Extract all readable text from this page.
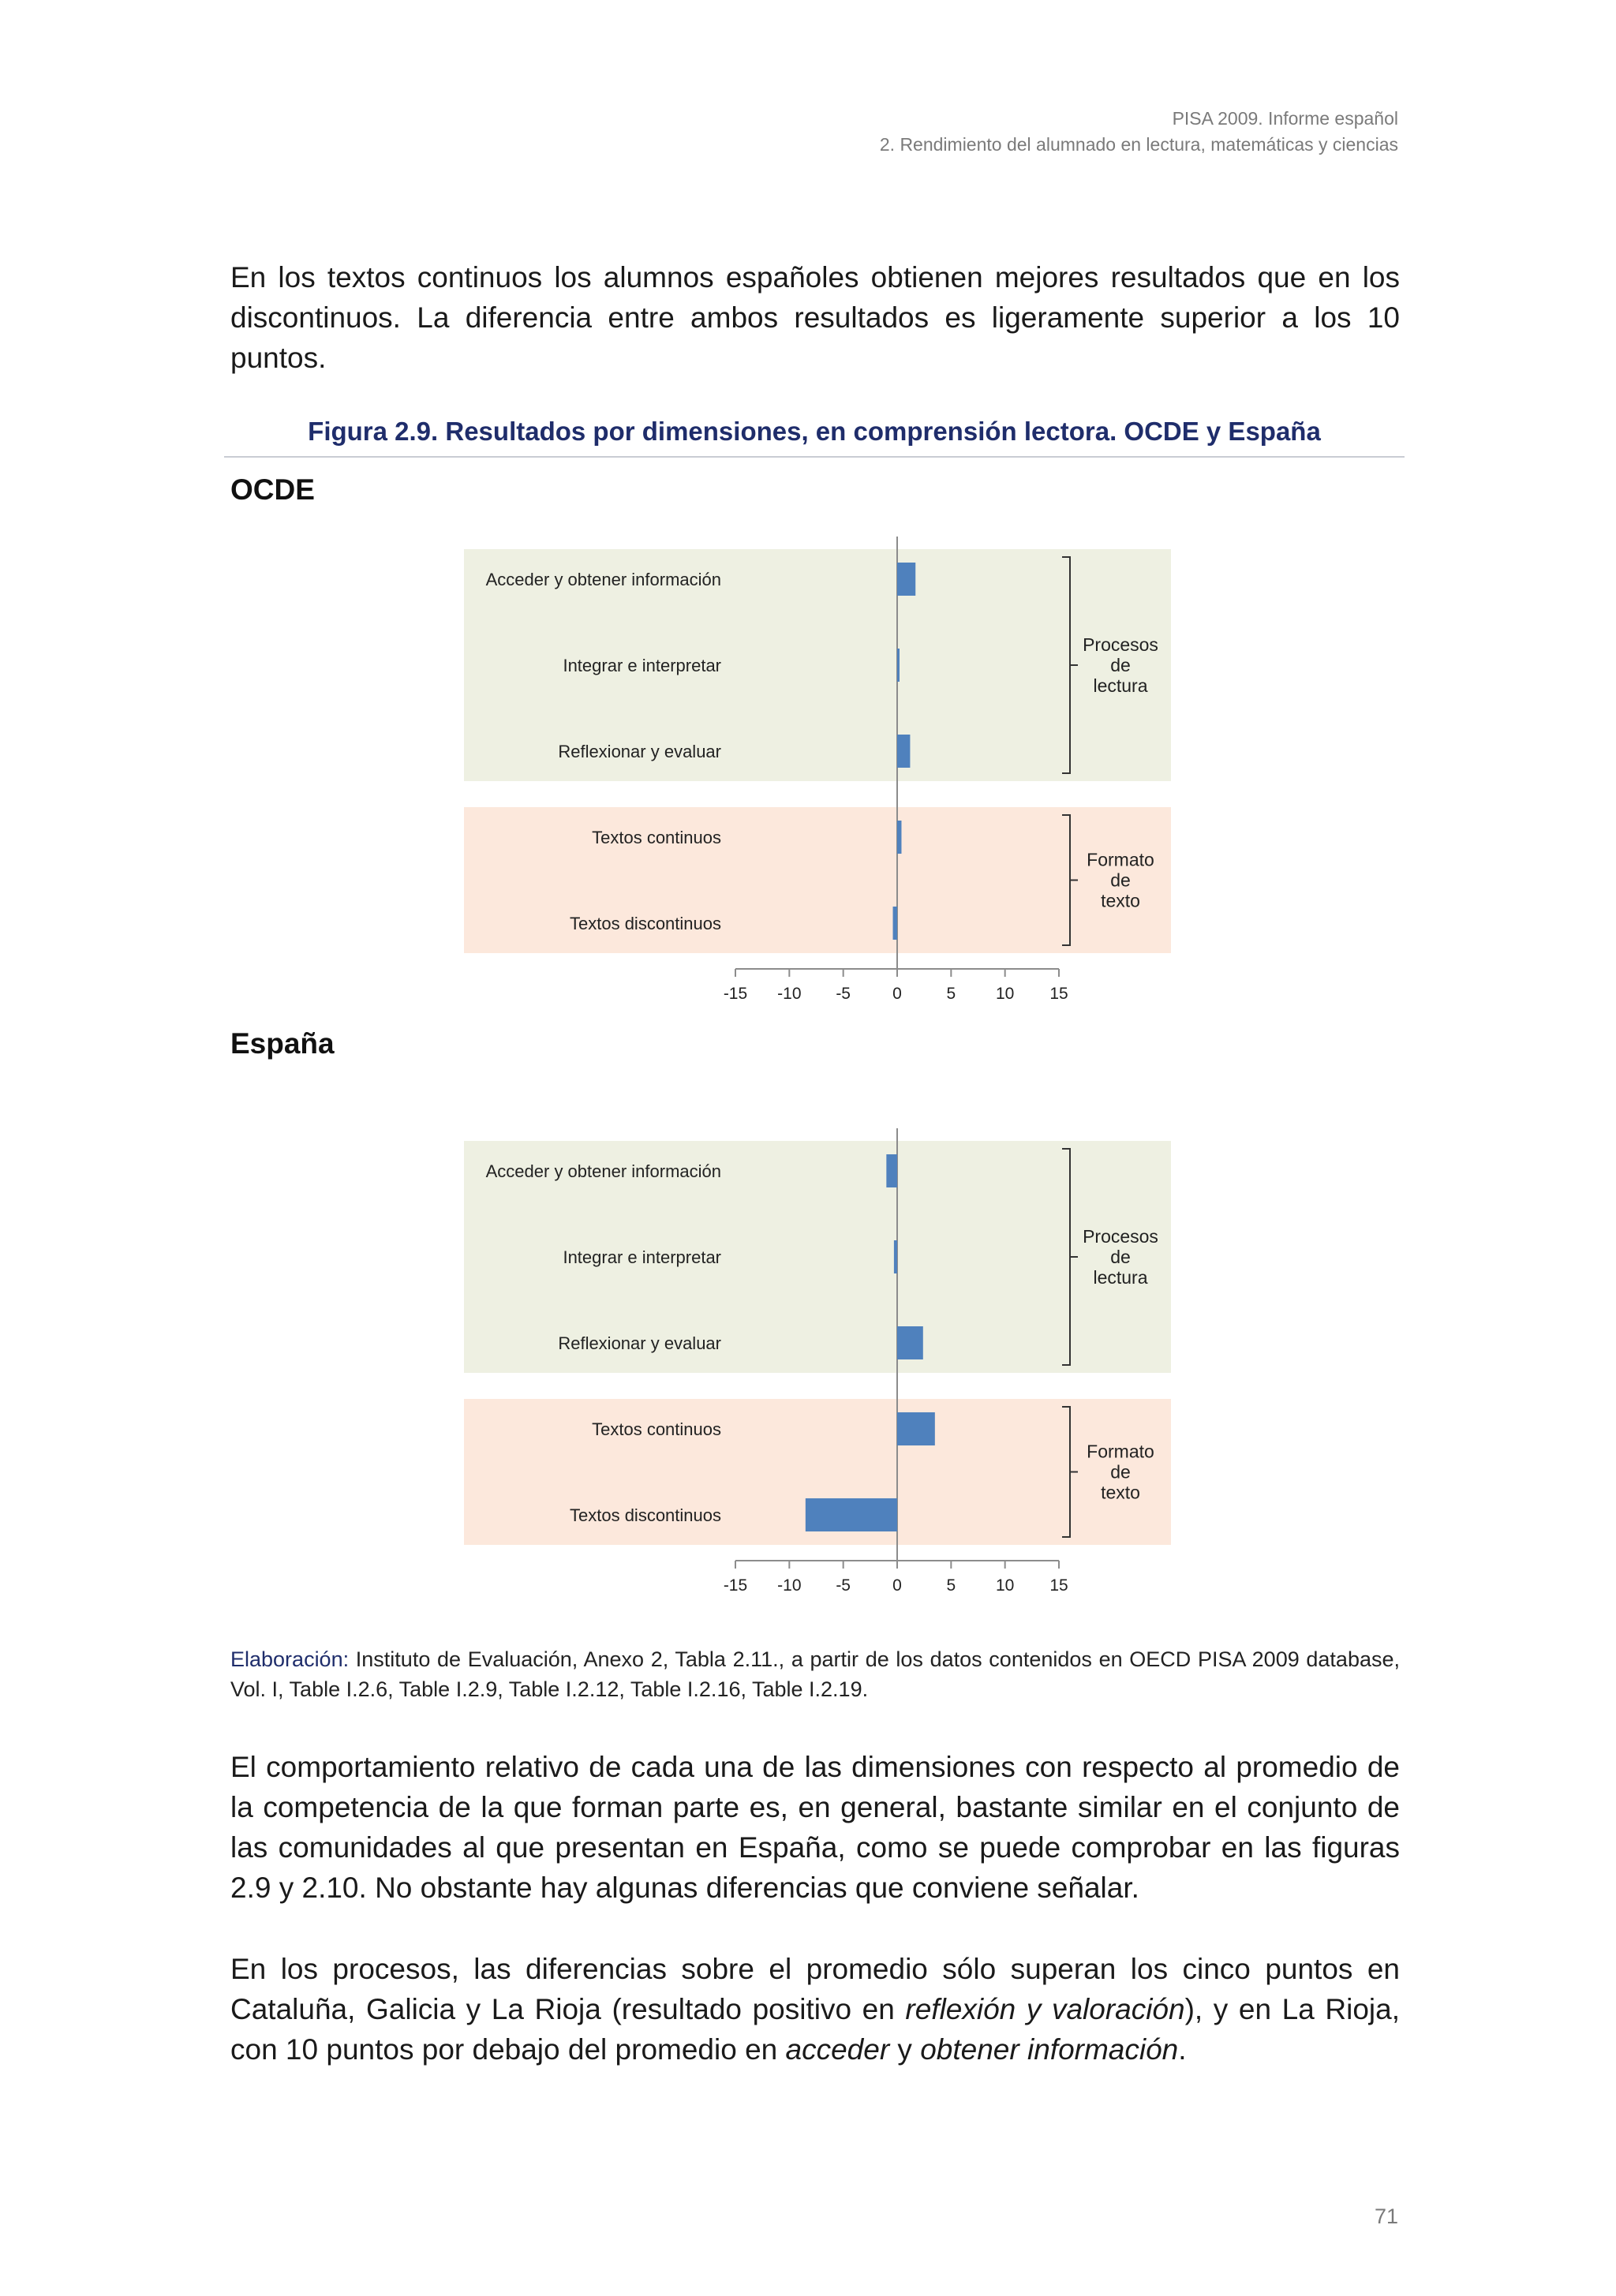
PISA 2009. Informe español
2. Rendimiento del alumnado en lectura, matemáticas y ciencias
En los textos continuos los alumnos españoles obtienen mejores resultados que en los discontinuos. La diferencia entre ambos resultados es ligeramente superior a los 10 puntos.
Figura 2.9. Resultados por dimensiones, en comprensión lectora. OCDE y España
OCDE
Acceder y obtener información
Integrar e interpretar
Reflexionar y evaluar
Textos continuos
Textos discontinuos
-15 -10 -5	0	5 10 15
Procesos
de
lectura
Formato
de
texto
España
Acceder y obtener información
Integrar e interpretar
Reflexionar y evaluar
Textos continuos
Textos discontinuos
-15 -10 -5	0	5 10 15
Procesos
de
lectura
Formato
de
texto
Elaboración: Instituto de Evaluación, Anexo 2, Tabla 2.11., a partir de los datos contenidos en OECD PISA 2009 database, Vol. I, Table I.2.6, Table I.2.9, Table I.2.12, Table I.2.16, Table I.2.19.
El comportamiento relativo de cada una de las dimensiones con respecto al promedio de la competencia de la que forman parte es, en general, bastante similar en el conjunto de las comunidades al que presentan en España, como se puede comprobar en las figuras 2.9 y 2.10. No obstante hay algunas diferencias que conviene señalar.
En los procesos, las diferencias sobre el promedio sólo superan los cinco puntos en Cataluña, Galicia y La Rioja (resultado positivo en reflexión y valoración), y en La Rioja, con 10 puntos por debajo del promedio en acceder y obtener información.
71
